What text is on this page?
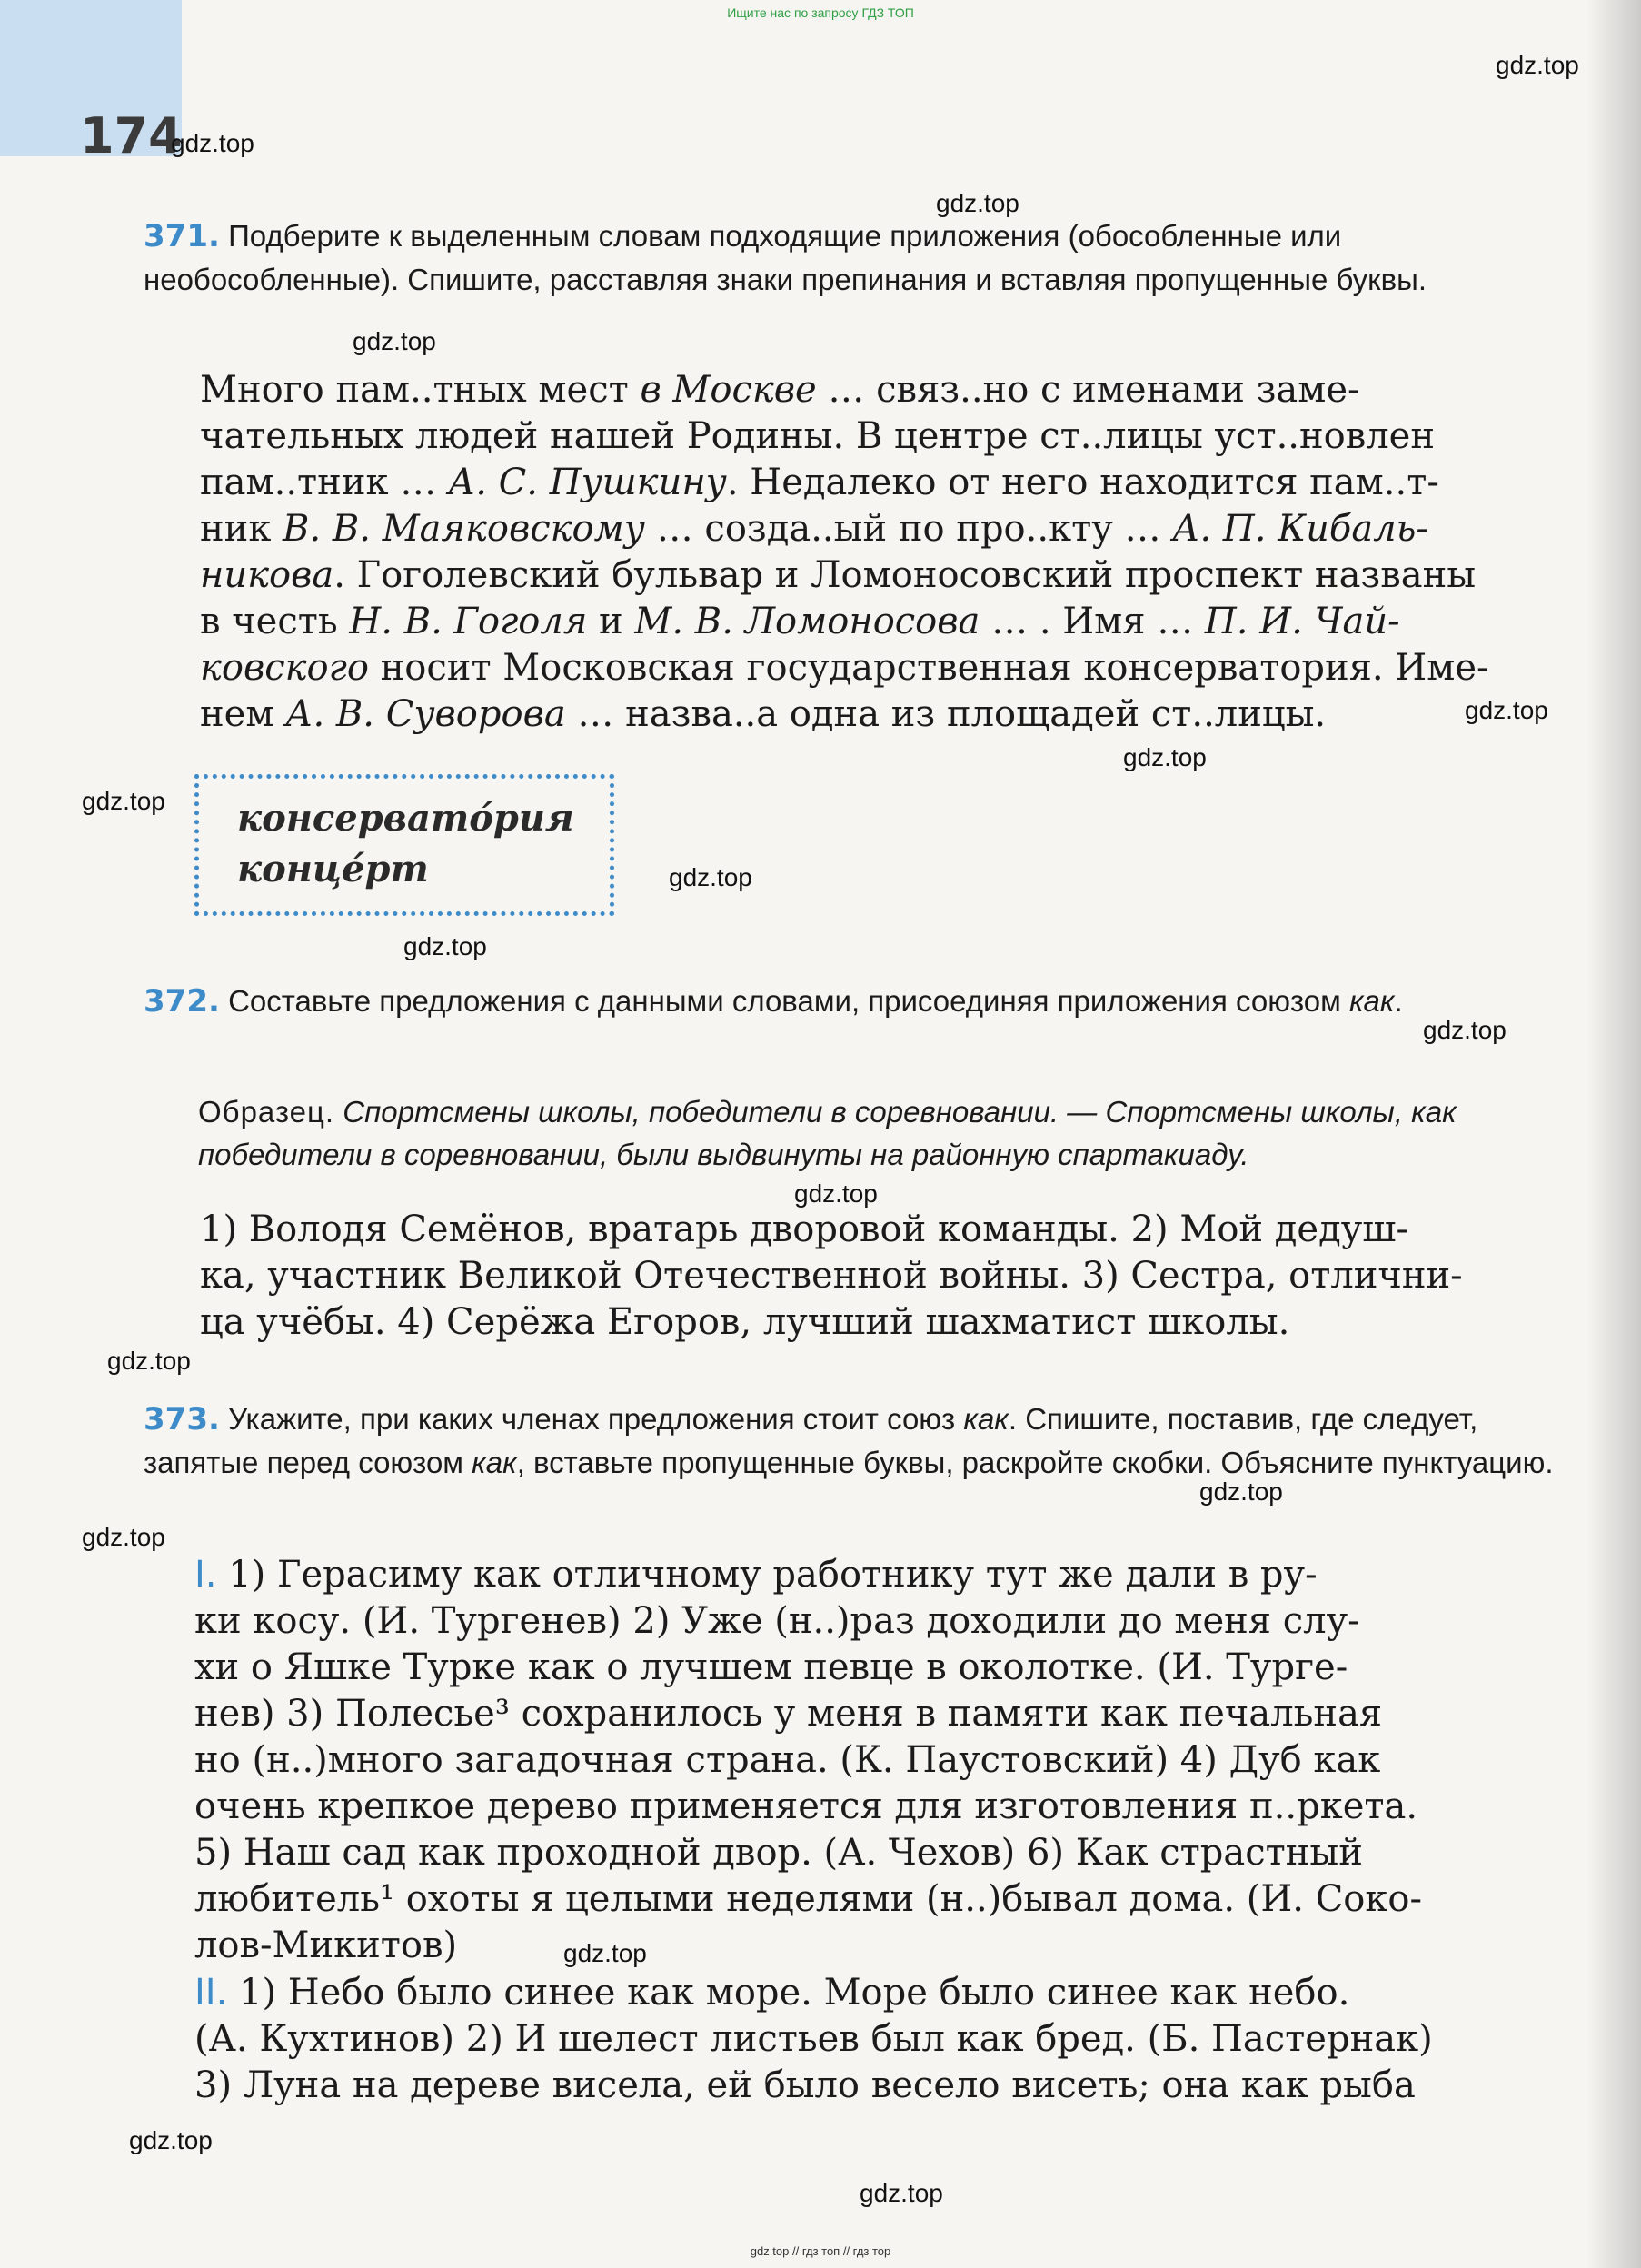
Ищите нас по запросу ГДЗ ТОП
174
gdz.top
gdz.top
gdz.top
gdz.top
gdz.top
gdz.top
gdz.top
gdz.top
gdz.top
gdz.top
gdz.top
gdz.top
gdz.top
gdz.top
gdz.top
gdz.top
gdz.top
371. Подберите к выделенным словам подходящие приложения (обособленные или необособленные). Спишите, расставляя знаки препинания и вставляя пропущенные буквы.
Много пам..тных мест в Москве … связ..но с именами заме-
чательных людей нашей Родины. В центре ст..лицы уст..новлен
пам..тник … А. С. Пушкину. Недалеко от него находится пам..т-
ник В. В. Маяковскому … созда..ый по про..кту … А. П. Кибаль-
никова. Гоголевский бульвар и Ломоносовский проспект названы
в честь Н. В. Гоголя и М. В. Ломоносова … . Имя … П. И. Чай-
ковского носит Московская государственная консерватория. Име-
нем А. В. Суворова … назва..а одна из площадей ст..лицы.
консервато́рия
конце́рт
372. Составьте предложения с данными словами, присоединяя приложения союзом как.
Образец. Спортсмены школы, победители в соревновании. — Спортсмены школы, как победители в соревновании, были выдвинуты на районную спартакиаду.
1) Володя Семёнов, вратарь дворовой команды. 2) Мой дедуш-
ка, участник Великой Отечественной войны. 3) Сестра, отлични-
ца учёбы. 4) Серёжа Егоров, лучший шахматист школы.
373. Укажите, при каких членах предложения стоит союз как. Спишите, поставив, где следует, запятые перед союзом как, вставьте пропущенные буквы, раскройте скобки. Объясните пунктуацию.
I. 1) Герасиму как отличному работнику тут же дали в ру-
ки косу. (И. Тургенев) 2) Уже (н..)раз доходили до меня слу-
хи о Яшке Турке как о лучшем певце в околотке. (И. Турге-
нев) 3) Полесье³ сохранилось у меня в памяти как печальная
но (н..)много загадочная страна. (К. Паустовский) 4) Дуб как
очень крепкое дерево применяется для изготовления п..ркета.
5) Наш сад как проходной двор. (А. Чехов) 6) Как страстный
любитель¹ охоты я целыми неделями (н..)бывал дома. (И. Соко-
лов-Микитов)
II. 1) Небо было синее как море. Море было синее как небо.
(А. Кухтинов) 2) И шелест листьев был как бред. (Б. Пастернак)
3) Луна на дереве висела, ей было весело висеть; она как рыба
gdz top // гдз топ // гдз тор
